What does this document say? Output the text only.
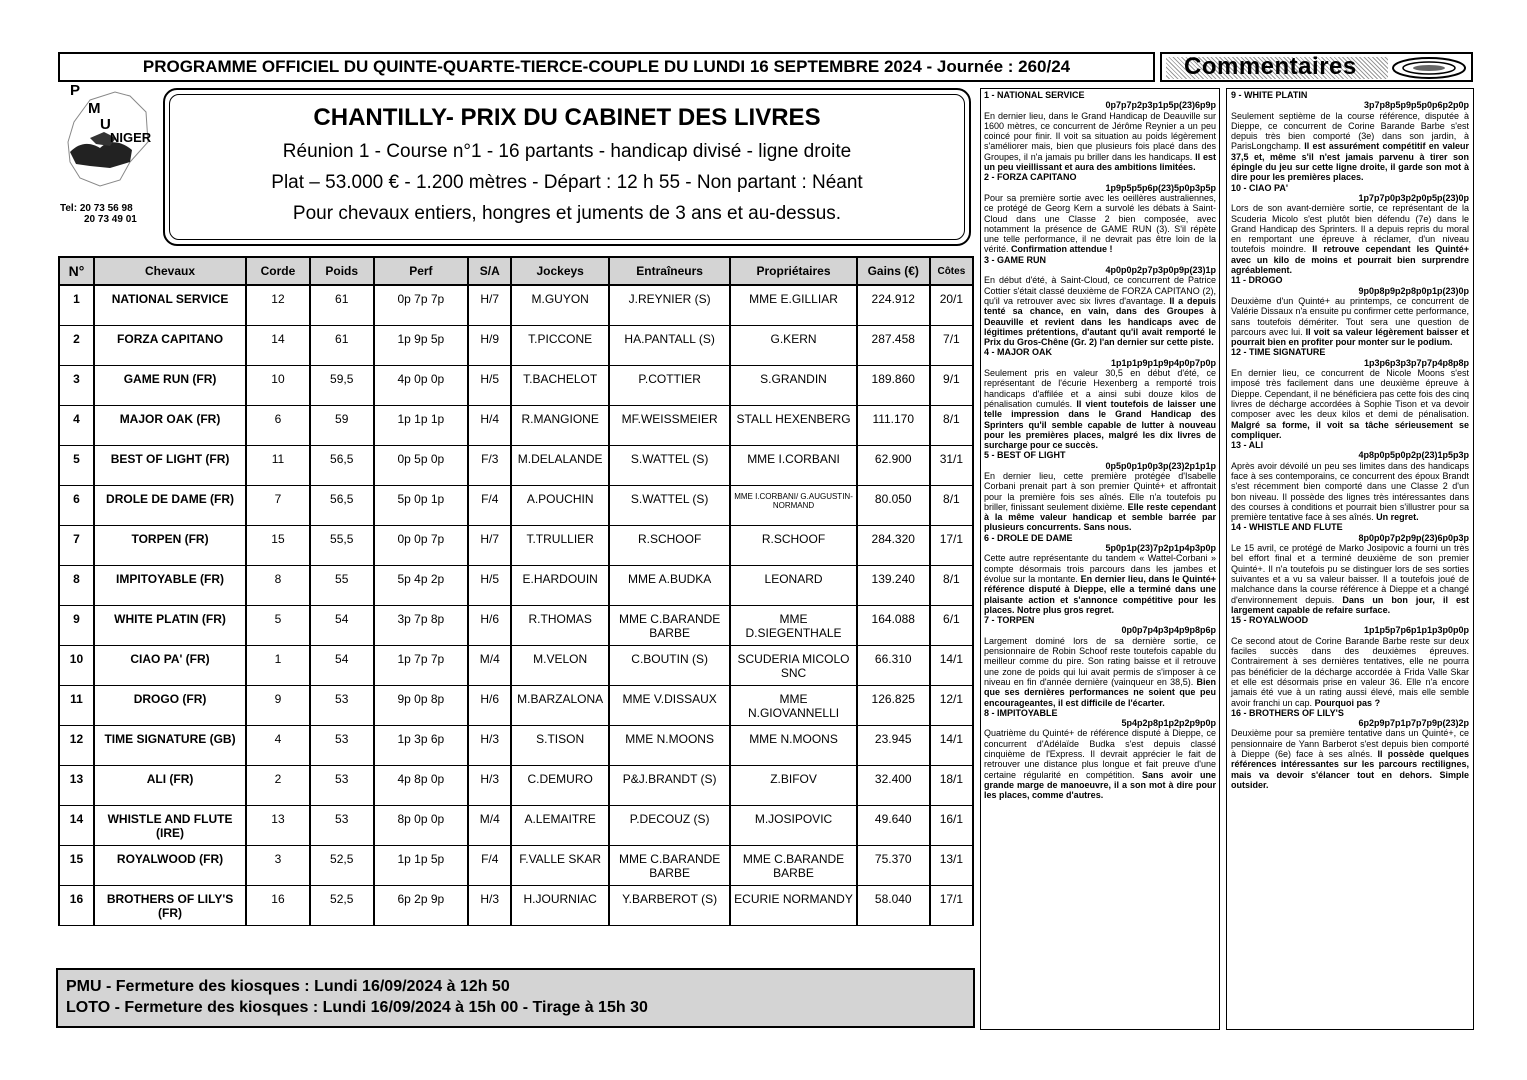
PROGRAMME OFFICIEL DU QUINTE-QUARTE-TIERCE-COUPLE DU LUNDI 16 SEPTEMBRE 2024 - Journée : 260/24	Commentaires
P
M
U
NIGER
Tel: 20 73 56 98
20 73 49 01
CHANTILLY- PRIX DU CABINET DES LIVRES
Réunion 1 - Course n°1 - 16 partants - handicap divisé - ligne droite
Plat – 53.000 € - 1.200 mètres - Départ : 12 h 55 - Non partant : Néant
Pour chevaux entiers, hongres et juments de 3 ans et au-dessus.
N°	Chevaux	Corde	Poids	Perf	S/A	Jockeys	Entraîneurs	Propriétaires	Gains (€)	Côtes
1	NATIONAL SERVICE	12	61	0p 7p 7p	H/7	M.GUYON	J.REYNIER (S)	MME E.GILLIAR	224.912	20/1
2	FORZA CAPITANO	14	61	1p 9p 5p	H/9	T.PICCONE	HA.PANTALL (S)	G.KERN	287.458	7/1
3	GAME RUN (FR)	10	59,5	4p 0p 0p	H/5	T.BACHELOT	P.COTTIER	S.GRANDIN	189.860	9/1
4	MAJOR OAK (FR)	6	59	1p 1p 1p	H/4	R.MANGIONE	MF.WEISSMEIER	STALL HEXENBERG	111.170	8/1
5	BEST OF LIGHT (FR)	11	56,5	0p 5p 0p	F/3	M.DELALANDE	S.WATTEL (S)	MME I.CORBANI	62.900	31/1
6	DROLE DE DAME (FR)	7	56,5	5p 0p 1p	F/4	A.POUCHIN	S.WATTEL (S)	MME I.CORBANI/ G.AUGUSTIN-NORMAND	80.050	8/1
7	TORPEN (FR)	15	55,5	0p 0p 7p	H/7	T.TRULLIER	R.SCHOOF	R.SCHOOF	284.320	17/1
8	IMPITOYABLE (FR)	8	55	5p 4p 2p	H/5	E.HARDOUIN	MME A.BUDKA	LEONARD	139.240	8/1
9	WHITE PLATIN (FR)	5	54	3p 7p 8p	H/6	R.THOMAS	MME C.BARANDE BARBE	MME D.SIEGENTHALE	164.088	6/1
10	CIAO PA' (FR)	1	54	1p 7p 7p	M/4	M.VELON	C.BOUTIN (S)	SCUDERIA MICOLO SNC	66.310	14/1
11	DROGO (FR)	9	53	9p 0p 8p	H/6	M.BARZALONA	MME V.DISSAUX	MME N.GIOVANNELLI	126.825	12/1
12	TIME SIGNATURE (GB)	4	53	1p 3p 6p	H/3	S.TISON	MME N.MOONS	MME N.MOONS	23.945	14/1
13	ALI (FR)	2	53	4p 8p 0p	H/3	C.DEMURO	P&J.BRANDT (S)	Z.BIFOV	32.400	18/1
14	WHISTLE AND FLUTE (IRE)	13	53	8p 0p 0p	M/4	A.LEMAITRE	P.DECOUZ (S)	M.JOSIPOVIC	49.640	16/1
15	ROYALWOOD (FR)	3	52,5	1p 1p 5p	F/4	F.VALLE SKAR	MME C.BARANDE BARBE	MME C.BARANDE BARBE	75.370	13/1
16	BROTHERS OF LILY'S (FR)	16	52,5	6p 2p 9p	H/3	H.JOURNIAC	Y.BARBEROT (S)	ECURIE NORMANDY	58.040	17/1
PMU - Fermeture des kiosques : Lundi 16/09/2024 à 12h 50
LOTO - Fermeture des kiosques : Lundi 16/09/2024 à 15h 00 - Tirage à 15h 30
1 - NATIONAL SERVICE
0p7p7p2p3p1p5p(23)6p9p
En dernier lieu, dans le Grand Handicap de Deauville sur 1600 mètres, ce concurrent de Jérôme Reynier a un peu coincé pour finir. Il voit sa situation au poids légèrement s'améliorer mais, bien que plusieurs fois placé dans des Groupes, il n'a jamais pu briller dans les handicaps. Il est un peu vieillissant et aura des ambitions limitées.
2 - FORZA CAPITANO
1p9p5p5p6p(23)5p0p3p5p
Pour sa première sortie avec les oeillères australiennes, ce protégé de Georg Kern a survolé les débats à Saint-Cloud dans une Classe 2 bien composée, avec notamment la présence de GAME RUN (3). S'il répète une telle performance, il ne devrait pas être loin de la vérité. Confirmation attendue !
3 - GAME RUN
4p0p0p2p7p3p0p9p(23)1p
En début d'été, à Saint-Cloud, ce concurrent de Patrice Cottier s'était classé deuxième de FORZA CAPITANO (2), qu'il va retrouver avec six livres d'avantage. Il a depuis tenté sa chance, en vain, dans des Groupes à Deauville et revient dans les handicaps avec de légitimes prétentions, d'autant qu'il avait remporté le Prix du Gros-Chêne (Gr. 2) l'an dernier sur cette piste.
4 - MAJOR OAK
1p1p1p9p1p9p4p0p7p0p
Seulement pris en valeur 30,5 en début d'été, ce représentant de l'écurie Hexenberg a remporté trois handicaps d'affilée et a ainsi subi douze kilos de pénalisation cumulés. Il vient toutefois de laisser une telle impression dans le Grand Handicap des Sprinters qu'il semble capable de lutter à nouveau pour les premières places, malgré les dix livres de surcharge pour ce succès.
5 - BEST OF LIGHT
0p5p0p1p0p3p(23)2p1p1p
En dernier lieu, cette première protégée d'Isabelle Corbani prenait part à son premier Quinté+ et affrontait pour la première fois ses aînés. Elle n'a toutefois pu briller, finissant seulement dixième. Elle reste cependant à la même valeur handicap et semble barrée par plusieurs concurrents. Sans nous.
6 - DROLE DE DAME
5p0p1p(23)7p2p1p4p3p0p
Cette autre représentante du tandem « Wattel-Corbani » compte désormais trois parcours dans les jambes et évolue sur la montante. En dernier lieu, dans le Quinté+ référence disputé à Dieppe, elle a terminé dans une plaisante action et s'annonce compétitive pour les places. Notre plus gros regret.
7 - TORPEN
0p0p7p4p3p4p9p8p6p
Largement dominé lors de sa dernière sortie, ce pensionnaire de Robin Schoof reste toutefois capable du meilleur comme du pire. Son rating baisse et il retrouve une zone de poids qui lui avait permis de s'imposer à ce niveau en fin d'année dernière (vainqueur en 38,5). Bien que ses dernières performances ne soient que peu encourageantes, il est difficile de l'écarter.
8 - IMPITOYABLE
5p4p2p8p1p2p2p9p0p
Quatrième du Quinté+ de référence disputé à Dieppe, ce concurrent d'Adélaïde Budka s'est depuis classé cinquième de l'Express. Il devrait apprécier le fait de retrouver une distance plus longue et fait preuve d'une certaine régularité en compétition. Sans avoir une grande marge de manoeuvre, il a son mot à dire pour les places, comme d'autres.
9 - WHITE PLATIN
3p7p8p5p9p5p0p6p2p0p
Seulement septième de la course référence, disputée à Dieppe, ce concurrent de Corine Barande Barbe s'est depuis très bien comporté (3e) dans son jardin, à ParisLongchamp. Il est assurément compétitif en valeur 37,5 et, même s'il n'est jamais parvenu à tirer son épingle du jeu sur cette ligne droite, il garde son mot à dire pour les premières places.
10 - CIAO PA'
1p7p7p0p3p2p0p5p(23)0p
Lors de son avant-dernière sortie, ce représentant de la Scuderia Micolo s'est plutôt bien défendu (7e) dans le Grand Handicap des Sprinters. Il a depuis repris du moral en remportant une épreuve à réclamer, d'un niveau toutefois moindre. Il retrouve cependant les Quinté+ avec un kilo de moins et pourrait bien surprendre agréablement.
11 - DROGO
9p0p8p9p2p8p0p1p(23)0p
Deuxième d'un Quinté+ au printemps, ce concurrent de Valérie Dissaux n'a ensuite pu confirmer cette performance, sans toutefois démériter. Tout sera une question de parcours avec lui. Il voit sa valeur légèrement baisser et pourrait bien en profiter pour monter sur le podium.
12 - TIME SIGNATURE
1p3p6p3p3p7p7p4p8p8p
En dernier lieu, ce concurrent de Nicole Moons s'est imposé très facilement dans une deuxième épreuve à Dieppe. Cependant, il ne bénéficiera pas cette fois des cinq livres de décharge accordées à Sophie Tison et va devoir composer avec les deux kilos et demi de pénalisation. Malgré sa forme, il voit sa tâche sérieusement se compliquer.
13 - ALI
4p8p0p5p0p2p(23)1p5p3p
Après avoir dévoilé un peu ses limites dans des handicaps face à ses contemporains, ce concurrent des époux Brandt s'est récemment bien comporté dans une Classe 2 d'un bon niveau. Il possède des lignes très intéressantes dans des courses à conditions et pourrait bien s'illustrer pour sa première tentative face à ses aînés. Un regret.
14 - WHISTLE AND FLUTE
8p0p0p7p2p9p(23)6p0p3p
Le 15 avril, ce protégé de Marko Josipovic a fourni un très bel effort final et a terminé deuxième de son premier Quinté+. Il n'a toutefois pu se distinguer lors de ses sorties suivantes et a vu sa valeur baisser. Il a toutefois joué de malchance dans la course référence à Dieppe et a changé d'environnement depuis. Dans un bon jour, il est largement capable de refaire surface.
15 - ROYALWOOD
1p1p5p7p6p1p1p3p0p0p
Ce second atout de Corine Barande Barbe reste sur deux faciles succès dans des deuxièmes épreuves. Contrairement à ses dernières tentatives, elle ne pourra pas bénéficier de la décharge accordée à Frida Valle Skar et elle est désormais prise en valeur 36. Elle n'a encore jamais été vue à un rating aussi élevé, mais elle semble avoir franchi un cap. Pourquoi pas ?
16 - BROTHERS OF LILY'S
6p2p9p7p1p7p7p9p(23)2p
Deuxième pour sa première tentative dans un Quinté+, ce pensionnaire de Yann Barberot s'est depuis bien comporté à Dieppe (6e) face à ses aînés. Il possède quelques références intéressantes sur les parcours rectilignes, mais va devoir s'élancer tout en dehors. Simple outsider.
